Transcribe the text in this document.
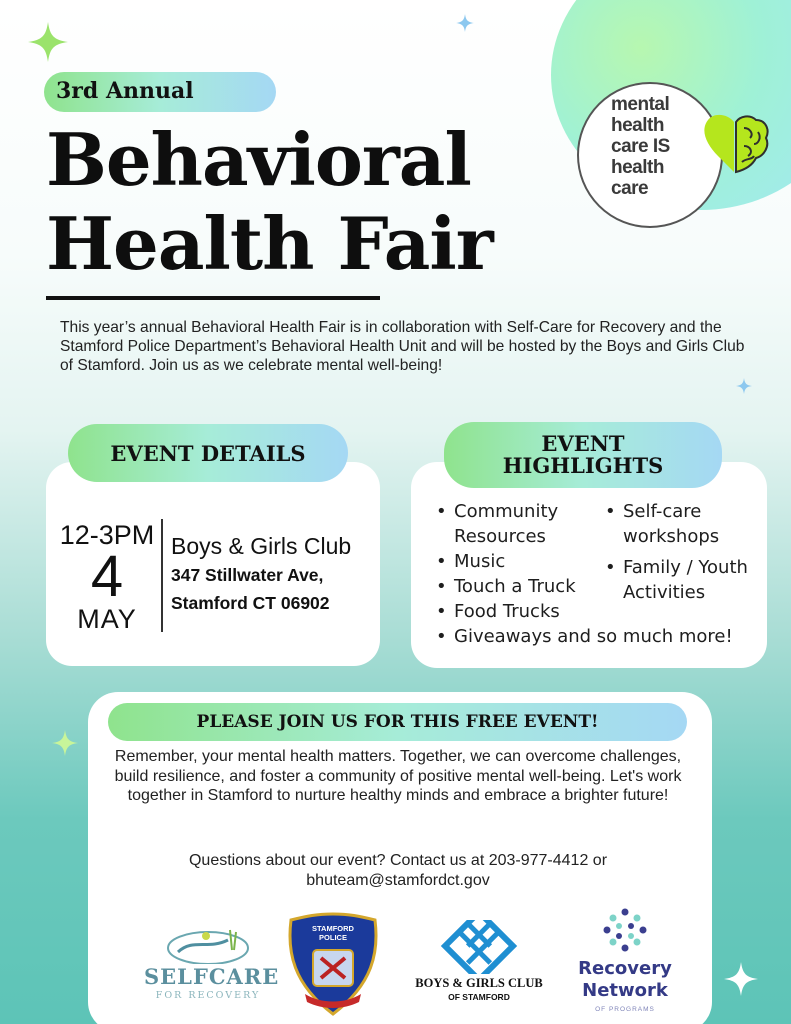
3rd Annual
Behavioral
Health Fair
mental
health
care IS
health
care
This year’s annual Behavioral Health Fair is in collaboration with Self-Care for Recovery and the Stamford Police Department’s Behavioral Health Unit and will be hosted by the Boys and Girls Club of Stamford. Join us as we celebrate mental well-being!
EVENT DETAILS
12-3PM
4
MAY
Boys & Girls Club
347 Stillwater Ave,
Stamford CT 06902
EVENT
HIGHLIGHTS
• Community Resources
• Music
• Touch a Truck
• Food Trucks
• Self-care workshops
• Family / Youth Activities
• Giveaways and so much more!
PLEASE JOIN US FOR THIS FREE EVENT!
Remember, your mental health matters. Together, we can overcome challenges, build resilience, and foster a community of positive mental well-being. Let's work together in Stamford to nurture healthy minds and embrace a brighter future!
Questions about our event? Contact us at 203-977-4412 or bhuteam@stamfordct.gov
SELFCARE
FOR RECOVERY
STAMFORD POLICE
BOYS & GIRLS CLUB
OF STAMFORD
Recovery
Network
OF PROGRAMS
